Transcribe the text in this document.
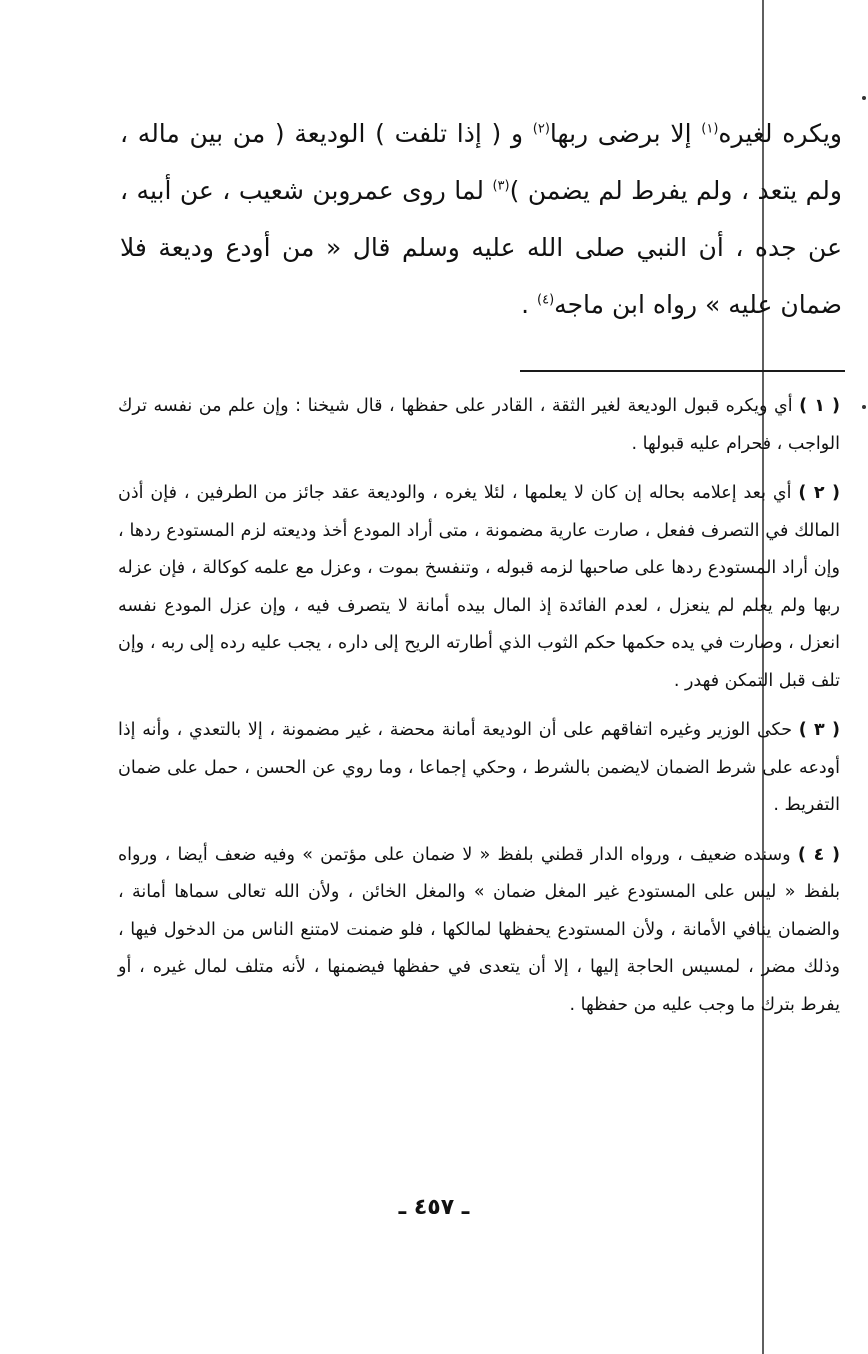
ويكره لغيره$^{(١)}$ إلا برضى ربها$^{(٢)}$ و ( إذا تلفت ) الوديعة ( من بين ماله ، ولم يتعد ، ولم يفرط لم يضمن )$^{(٣)}$ لما روى عمروبن شعيب ، عن أبيه ، عن جده ، أن النبي صلى الله عليه وسلم قال « من أودع وديعة فلا ضمان عليه » رواه ابن ماجه$^{(٤)}$ .

( ١ ) أي ويكره قبول الوديعة لغير الثقة ، القادر على حفظها ، قال شيخنا : وإن علم من نفسه ترك الواجب ، فحرام عليه قبولها .

( ٢ ) أي بعد إعلامه بحاله إن كان لا يعلمها ، لئلا يغره ، والوديعة عقد جائز من الطرفين ، فإن أذن المالك في التصرف ففعل ، صارت عارية مضمونة ، متى أراد المودع أخذ وديعته لزم المستودع ردها ، وإن أراد المستودع ردها على صاحبها لزمه قبوله ، وتنفسخ بموت ، وعزل مع علمه كوكالة ، فإن عزله ربها ولم يعلم لم ينعزل ، لعدم الفائدة إذ المال بيده أمانة لا يتصرف فيه ، وإن عزل المودع نفسه انعزل ، وصارت في يده حكمها حكم الثوب الذي أطارته الريح إلى داره ، يجب عليه رده إلى ربه ، وإن تلف قبل التمكن فهدر .

( ٣ ) حكى الوزير وغيره اتفاقهم على أن الوديعة أمانة محضة ، غير مضمونة ، إلا بالتعدي ، وأنه إذا أودعه على شرط الضمان لايضمن بالشرط ، وحكي إجماعا ، وما روي عن الحسن ، حمل على ضمان التفريط .

( ٤ ) وسنده ضعيف ، ورواه الدار قطني بلفظ « لا ضمان على مؤتمن » وفيه ضعف أيضا ، ورواه بلفظ « ليس على المستودع غير المغل ضمان » والمغل الخائن ، ولأن الله تعالى سماها أمانة ، والضمان ينافي الأمانة ، ولأن المستودع يحفظها لمالكها ، فلو ضمنت لامتنع الناس من الدخول فيها ، وذلك مضر ، لمسيس الحاجة إليها ، إلا أن يتعدى في حفظها فيضمنها ، لأنه متلف لمال غيره ، أو يفرط بترك ما وجب عليه من حفظها .

ـ ٤٥٧ ـ
